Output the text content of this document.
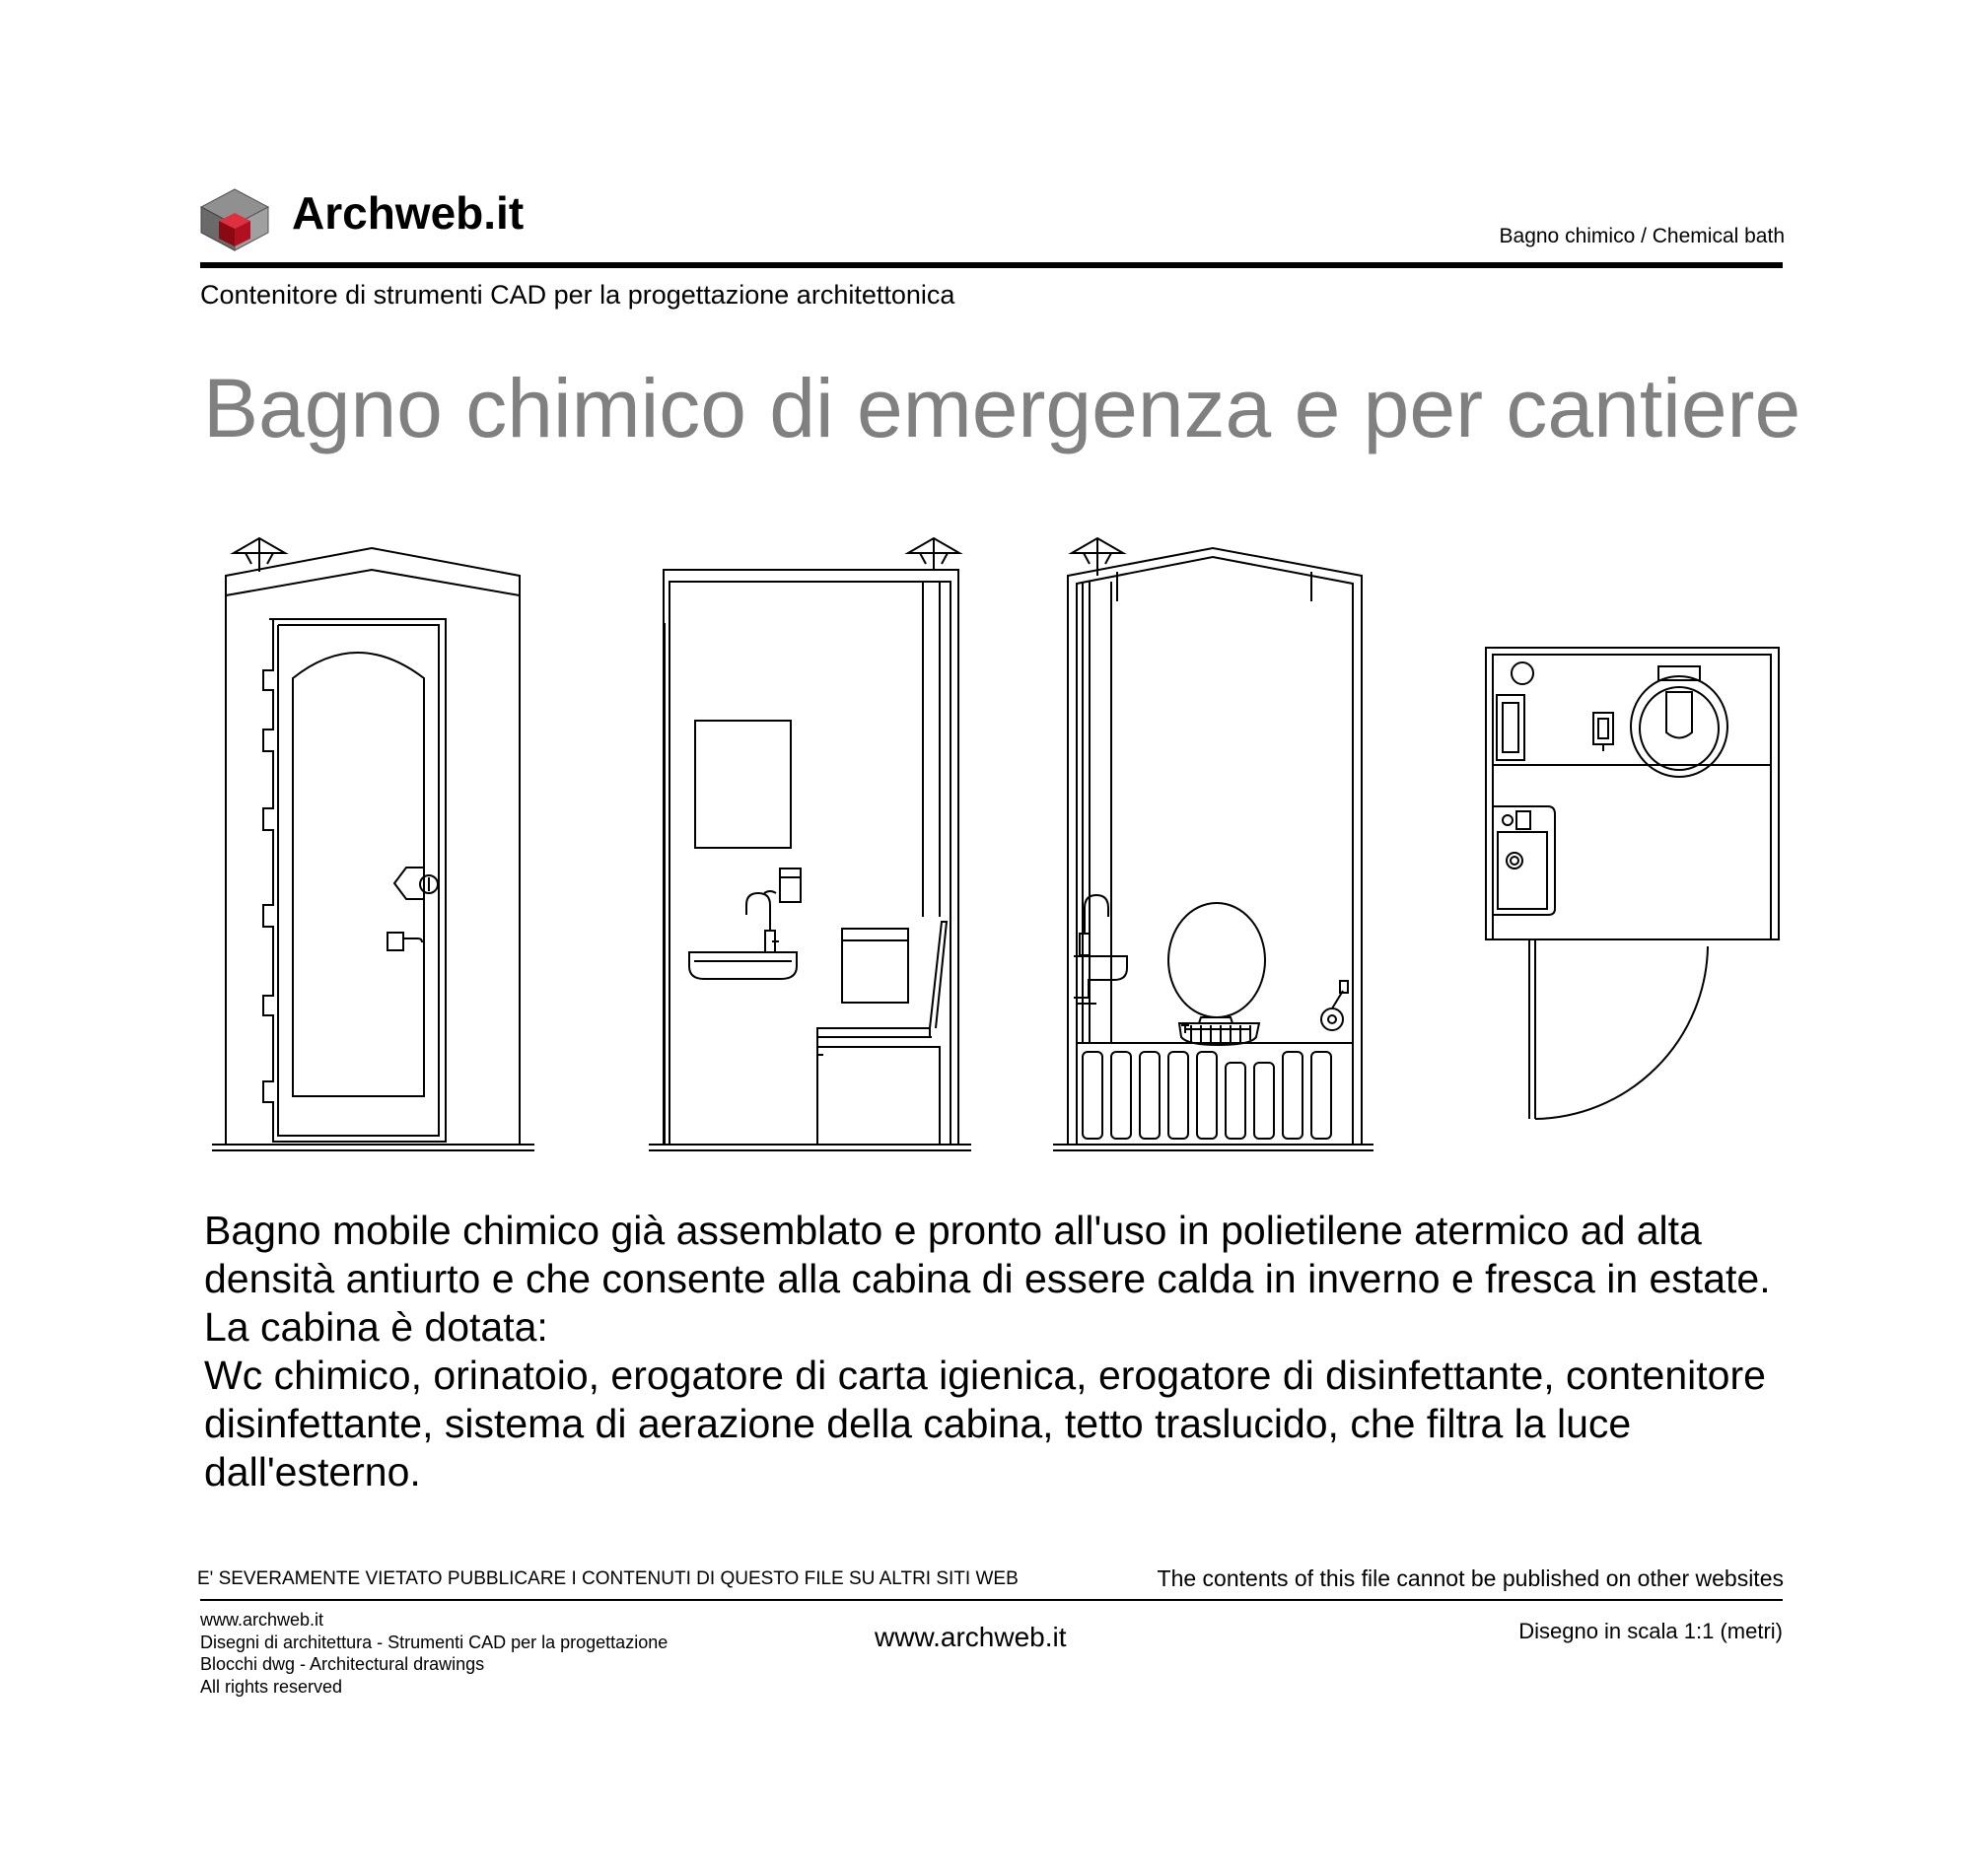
Archweb.it	Bagno chimico / Chemical bath
Contenitore di strumenti CAD per la progettazione architettonica
Bagno chimico di emergenza e per cantiere

Bagno mobile chimico già assemblato e pronto all'uso in polietilene atermico ad alta densità antiurto e che consente alla cabina di essere calda in inverno e fresca in estate. La cabina è dotata:

Wc chimico, orinatoio, erogatore di carta igienica, erogatore di disinfettante, contenitore disinfettante, sistema di aerazione della cabina, tetto traslucido, che filtra la luce dall'esterno.

E' SEVERAMENTE VIETATO PUBBLICARE I CONTENUTI DI QUESTO FILE SU ALTRI SITI WEB	The contents of this file cannot be published on other websites
www.archweb.it
Disegni di architettura - Strumenti CAD per la progettazione
Blocchi dwg - Architectural drawings
All rights reserved
www.archweb.it	Disegno in scala 1:1 (metri)
